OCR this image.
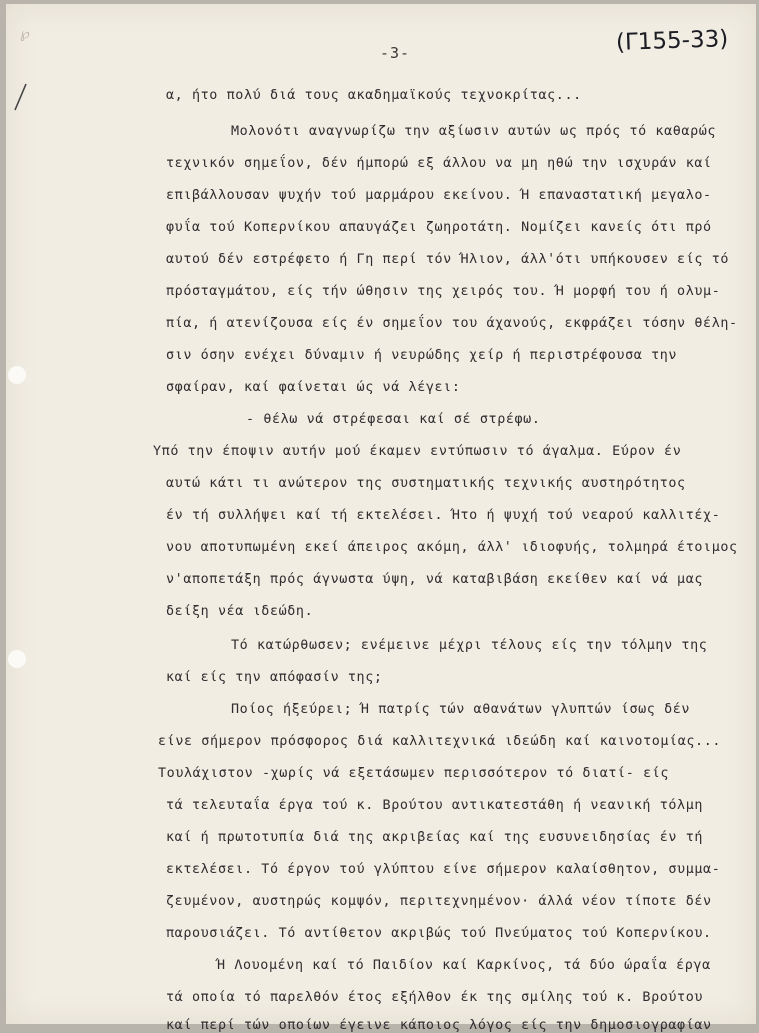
℘
-3-	(Γ155-33)
α, ήτο πολύ διά τους ακαδημαϊκούς τεχνοκρίτας...
Μολονότι αναγνωρίζω την αξίωσιν αυτών ως πρός τό καθαρώς
τεχνικόν σημεΐον, δέν ήμπορώ εξ άλλου να μη ηθώ την ισχυράν καί
επιβάλλουσαν ψυχήν τού μαρμάρου εκείνου. Ή επαναστατική μεγαλο-
φυΐα τού Κοπερνίκου απαυγάζει ζωηροτάτη. Νομίζει κανείς ότι πρό
αυτού δέν εστρέφετο ή Γη περί τόν Ήλιον, άλλ'ότι υπήκουσεν είς τό
πρόσταγμάτου, είς τήν ώθησιν της χειρός του. Ή μορφή του ή ολυμ-
πία, ή ατενίζουσα είς έν σημεΐον του άχανούς, εκφράζει τόσην θέλη-
σιν όσην ενέχει δύναμιν ή νευρώδης χείρ ή περιστρέφουσα την
σφαίραν, καί φαίνεται ώς νά λέγει:
- θέλω νά στρέφεσαι καί σέ στρέφω.
Υπό την έποψιν αυτήν μού έκαμεν εντύπωσιν τό άγαλμα. Εύρον έν
αυτώ κάτι τι ανώτερον της συστηματικής τεχνικής αυστηρότητος
έν τή συλλήψει καί τή εκτελέσει. Ήτο ή ψυχή τού νεαρού καλλιτέχ-
νου αποτυπωμένη εκεί άπειρος ακόμη, άλλ' ιδιοφυής, τολμηρά έτοιμος
ν'αποπετάξη πρός άγνωστα ύψη, νά καταβιβάση εκείθεν καί νά μας
δείξη νέα ιδεώδη.
Τό κατώρθωσεν; ενέμεινε μέχρι τέλους είς την τόλμην της
καί είς την απόφασίν της;
Ποίος ήξεύρει; Ή πατρίς τών αθανάτων γλυπτών ίσως δέν
είνε σήμερον πρόσφορος διά καλλιτεχνικά ιδεώδη καί καινοτομίας...
Τουλάχιστον -χωρίς νά εξετάσωμεν περισσότερον τό διατί- είς
τά τελευταΐα έργα τού κ. Βρούτου αντικατεστάθη ή νεανική τόλμη
καί ή πρωτοτυπία διά της ακριβείας καί της ευσυνειδησίας έν τή
εκτελέσει. Τό έργον τού γλύπτου είνε σήμερον καλαίσθητον, συμμα-
ζευμένον, αυστηρώς κομψόν, περιτεχνημένον· άλλά νέον τίποτε δέν
παρουσιάζει. Τό αντίθετον ακριβώς τού Πνεύματος τού Κοπερνίκου.
Ή Λουομένη καί τό Παιδίον καί Καρκίνος, τά δύο ώραΐα έργα
τά οποία τό παρελθόν έτος εξήλθον έκ της σμίλης τού κ. Βρούτου
καί περί τών οποίων έγεινε κάποιος λόγος είς την δημοσιογραφίαν
